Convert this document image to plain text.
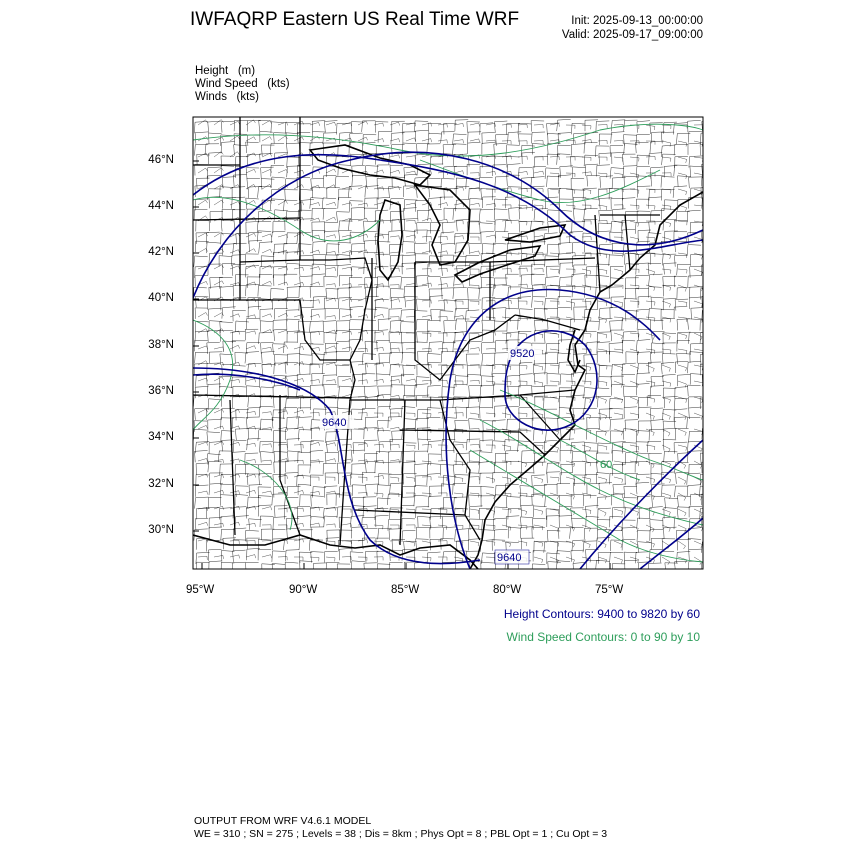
IWFAQRP Eastern US Real Time WRF	Init: 2025-09-13_00:00:00
Valid: 2025-09-17_09:00:00
Height (m)
Wind Speed (kts)
Winds (kts)
9520
9640
9640
60
46°N
44°N
42°N
40°N
38°N
36°N
34°N
32°N
30°N
95°W	90°W	85°W	80°W	75°W
Height Contours: 9400 to 9820 by 60
Wind Speed Contours: 0 to 90 by 10
OUTPUT FROM WRF V4.6.1 MODEL
WE = 310 ; SN = 275 ; Levels = 38 ; Dis = 8km ; Phys Opt = 8 ; PBL Opt = 1 ; Cu Opt = 3
